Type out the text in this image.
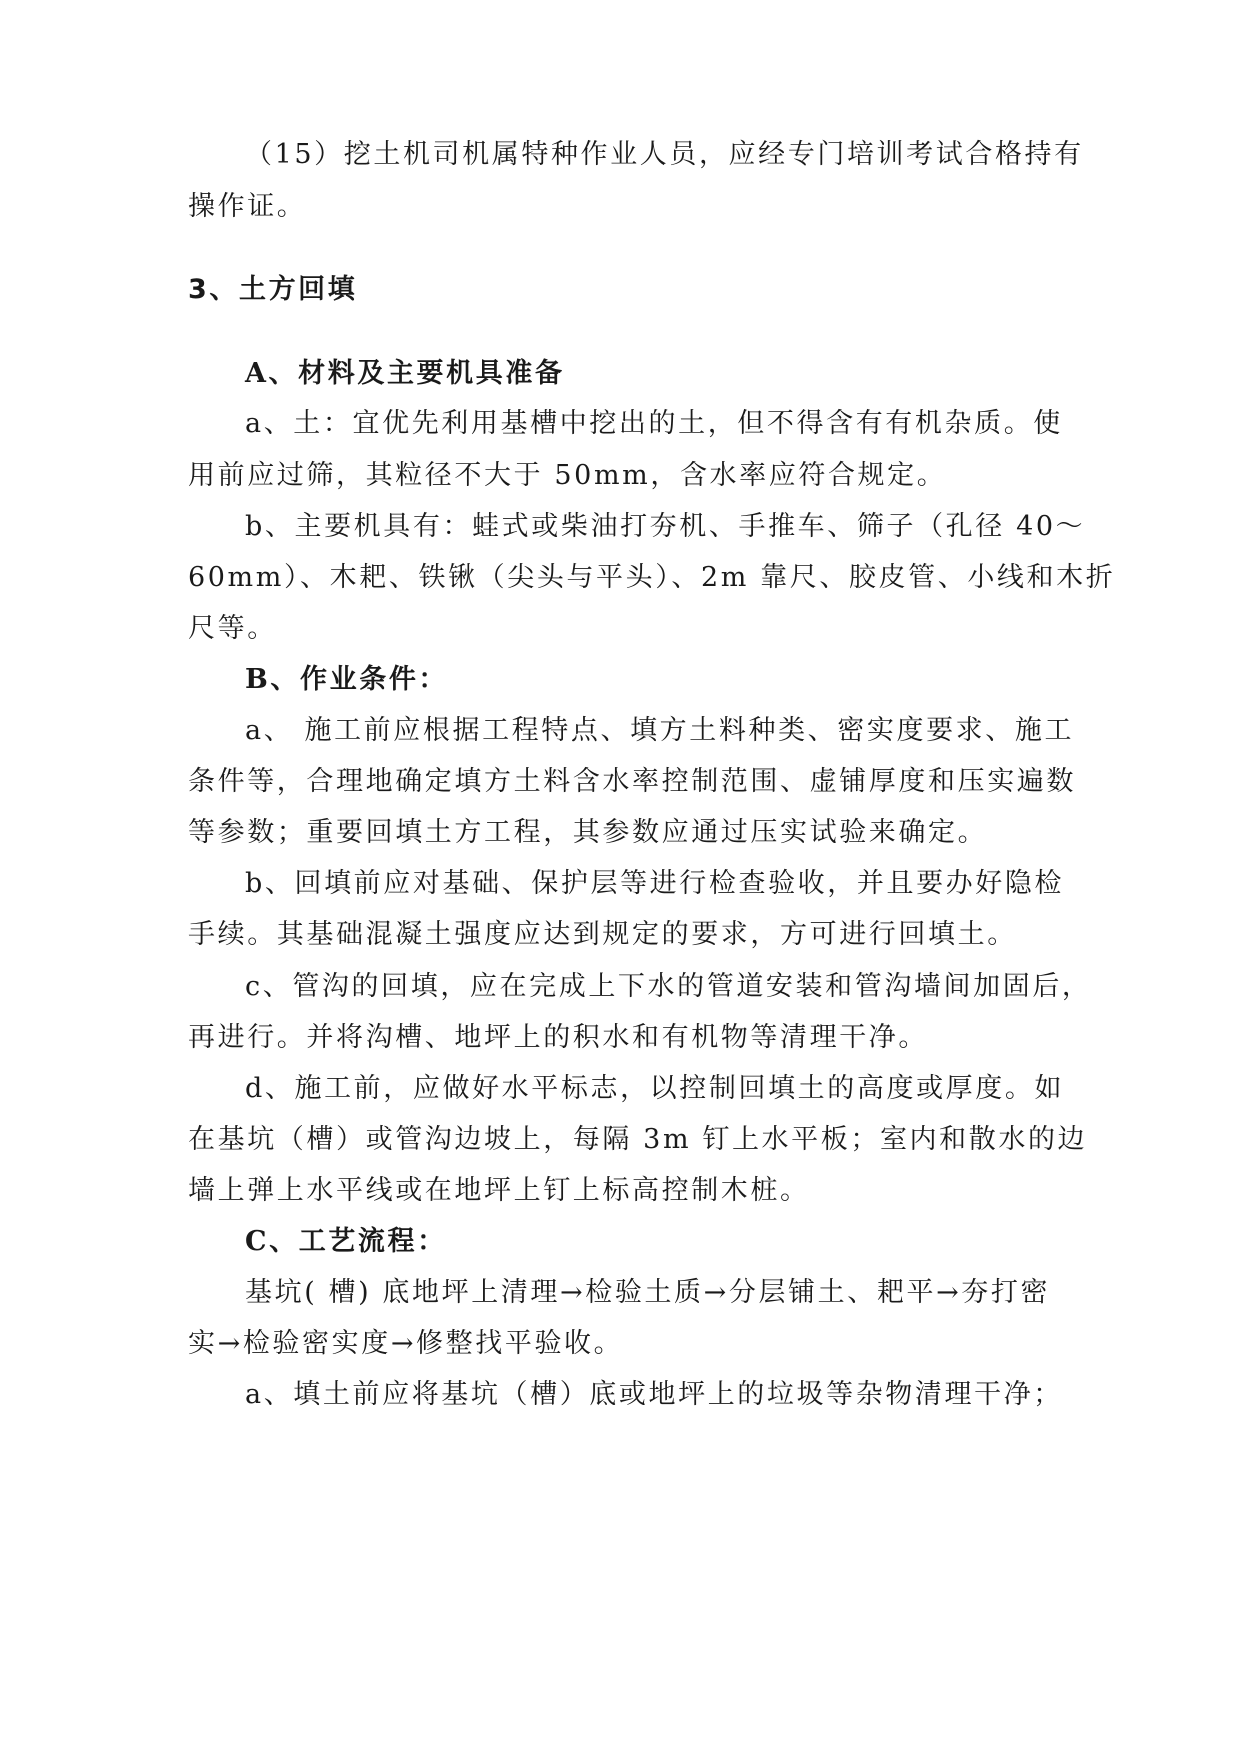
（15）挖土机司机属特种作业人员，应经专门培训考试合格持有
操作证。
3、土方回填
A、材料及主要机具准备
a、土：宜优先利用基槽中挖出的土，但不得含有有机杂质。使
用前应过筛，其粒径不大于 50mm，含水率应符合规定。
b、主要机具有：蛙式或柴油打夯机、手推车、筛子（孔径 40～
60mm）、木耙、铁锹（尖头与平头）、2m 靠尺、胶皮管、小线和木折
尺等。
B、作业条件：
a、 施工前应根据工程特点、填方土料种类、密实度要求、施工
条件等，合理地确定填方土料含水率控制范围、虚铺厚度和压实遍数
等参数；重要回填土方工程，其参数应通过压实试验来确定。
b、回填前应对基础、保护层等进行检查验收，并且要办好隐检
手续。其基础混凝土强度应达到规定的要求，方可进行回填土。
c、管沟的回填，应在完成上下水的管道安装和管沟墙间加固后，
再进行。并将沟槽、地坪上的积水和有机物等清理干净。
d、施工前，应做好水平标志，以控制回填土的高度或厚度。如
在基坑（槽）或管沟边坡上，每隔 3m 钉上水平板；室内和散水的边
墙上弹上水平线或在地坪上钉上标高控制木桩。
C、工艺流程：
基坑( 槽) 底地坪上清理→检验土质→分层铺土、耙平→夯打密
实→检验密实度→修整找平验收。
a、填土前应将基坑（槽）底或地坪上的垃圾等杂物清理干净；
